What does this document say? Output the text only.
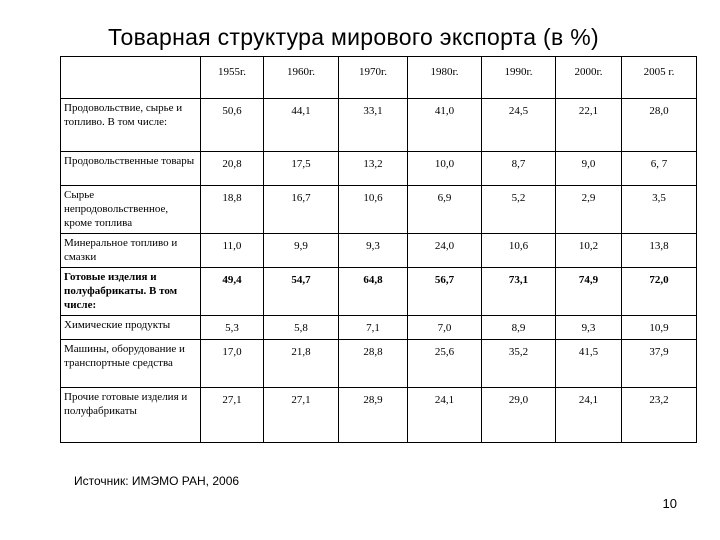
Товарная структура мирового экспорта (в %)
	1955г.	1960г.	1970г.	1980г.	1990г.	2000г.	2005 г.
Продовольствие, сырье и топливо. В том числе:	50,6	44,1	33,1	41,0	24,5	22,1	28,0
Продовольственные товары	20,8	17,5	13,2	10,0	8,7	9,0	6, 7
Сырье непродовольственное, кроме топлива	18,8	16,7	10,6	6,9	5,2	2,9	3,5
Минеральное топливо и смазки	11,0	9,9	9,3	24,0	10,6	10,2	13,8
Готовые изделия и полуфабрикаты. В том числе:	49,4	54,7	64,8	56,7	73,1	74,9	72,0
Химические продукты	5,3	5,8	7,1	7,0	8,9	9,3	10,9
Машины, оборудование и транспортные средства	17,0	21,8	28,8	25,6	35,2	41,5	37,9
Прочие готовые изделия и полуфабрикаты	27,1	27,1	28,9	24,1	29,0	24,1	23,2
Источник: ИМЭМО РАН, 2006
10
